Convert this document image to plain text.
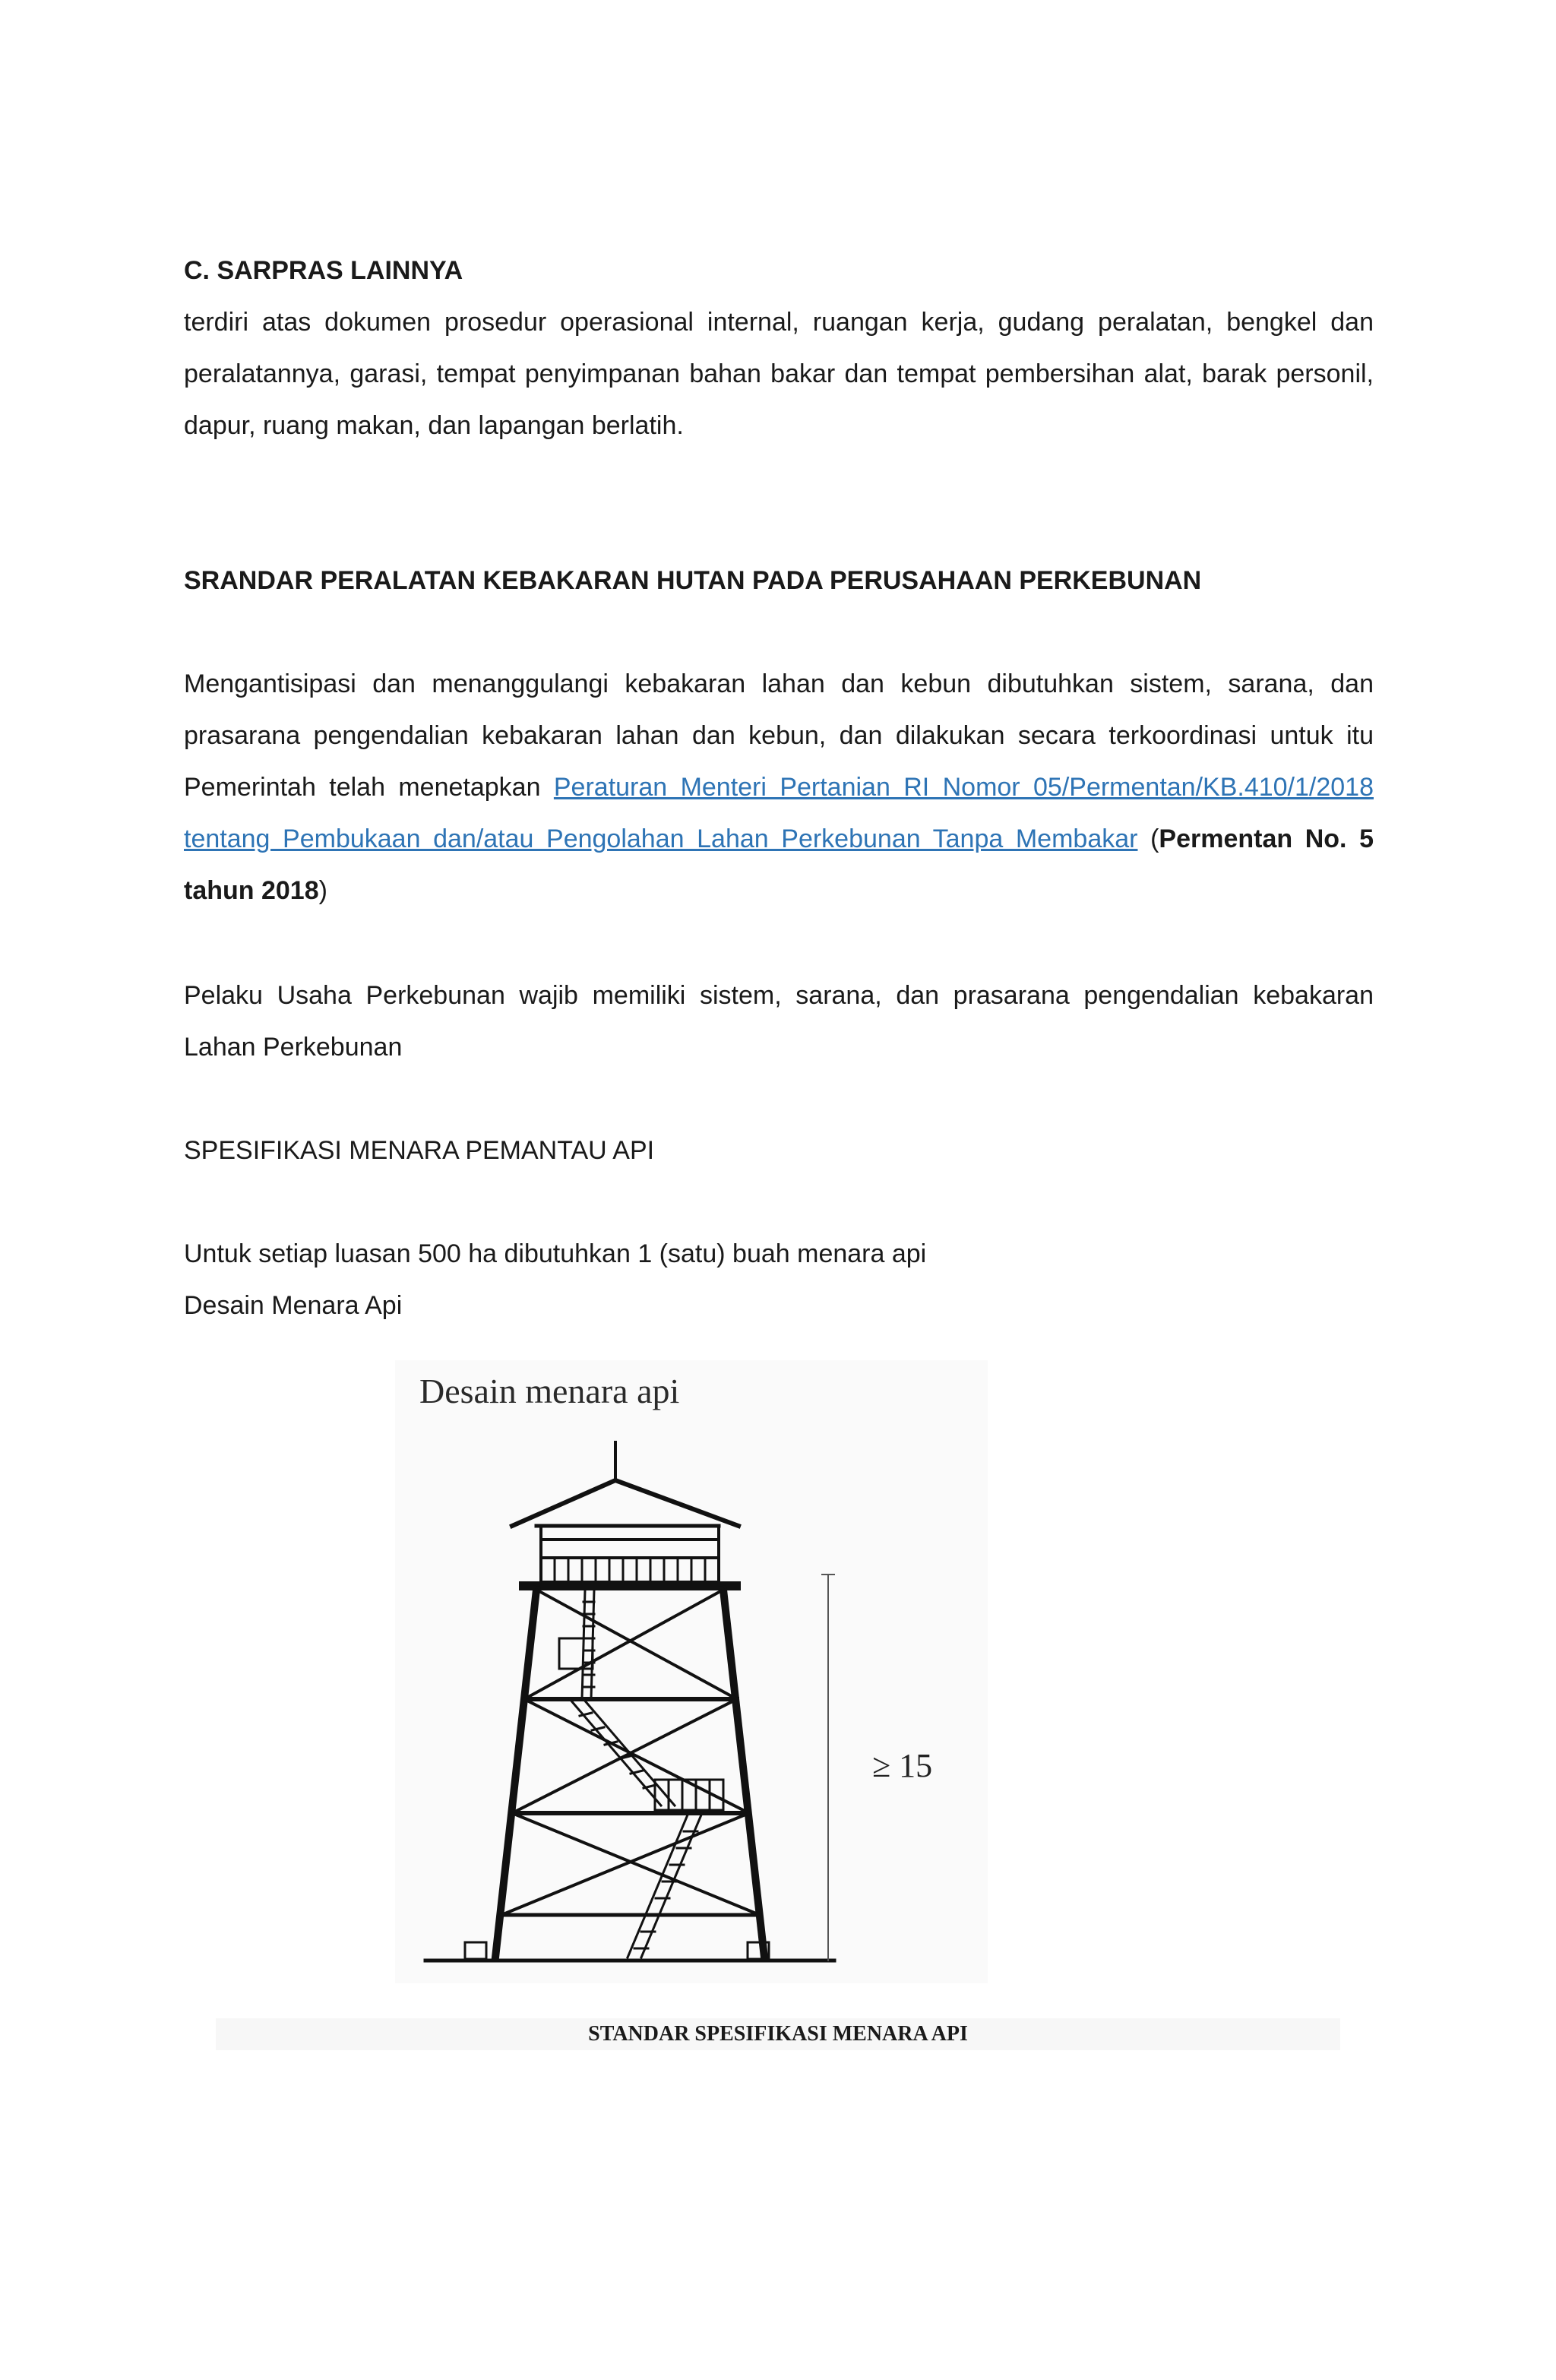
C. SARPRAS LAINNYA
terdiri atas dokumen prosedur operasional internal, ruangan kerja, gudang peralatan, bengkel dan peralatannya, garasi, tempat penyimpanan bahan bakar dan tempat pembersihan alat, barak personil, dapur, ruang makan, dan lapangan berlatih.
SRANDAR PERALATAN KEBAKARAN HUTAN PADA PERUSAHAAN PERKEBUNAN
Mengantisipasi dan menanggulangi kebakaran lahan dan kebun dibutuhkan sistem, sarana, dan prasarana pengendalian kebakaran lahan dan kebun, dan dilakukan secara terkoordinasi untuk itu Pemerintah telah menetapkan Peraturan Menteri Pertanian RI Nomor 05/Permentan/KB.410/1/2018 tentang Pembukaan dan/atau Pengolahan Lahan Perkebunan Tanpa Membakar (Permentan No. 5 tahun 2018)
Pelaku Usaha Perkebunan wajib memiliki sistem, sarana, dan prasarana pengendalian kebakaran Lahan Perkebunan
SPESIFIKASI MENARA PEMANTAU API
Untuk setiap luasan 500 ha dibutuhkan 1 (satu) buah menara api
Desain Menara Api
Desain menara api
≥ 15
STANDAR SPESIFIKASI MENARA API
